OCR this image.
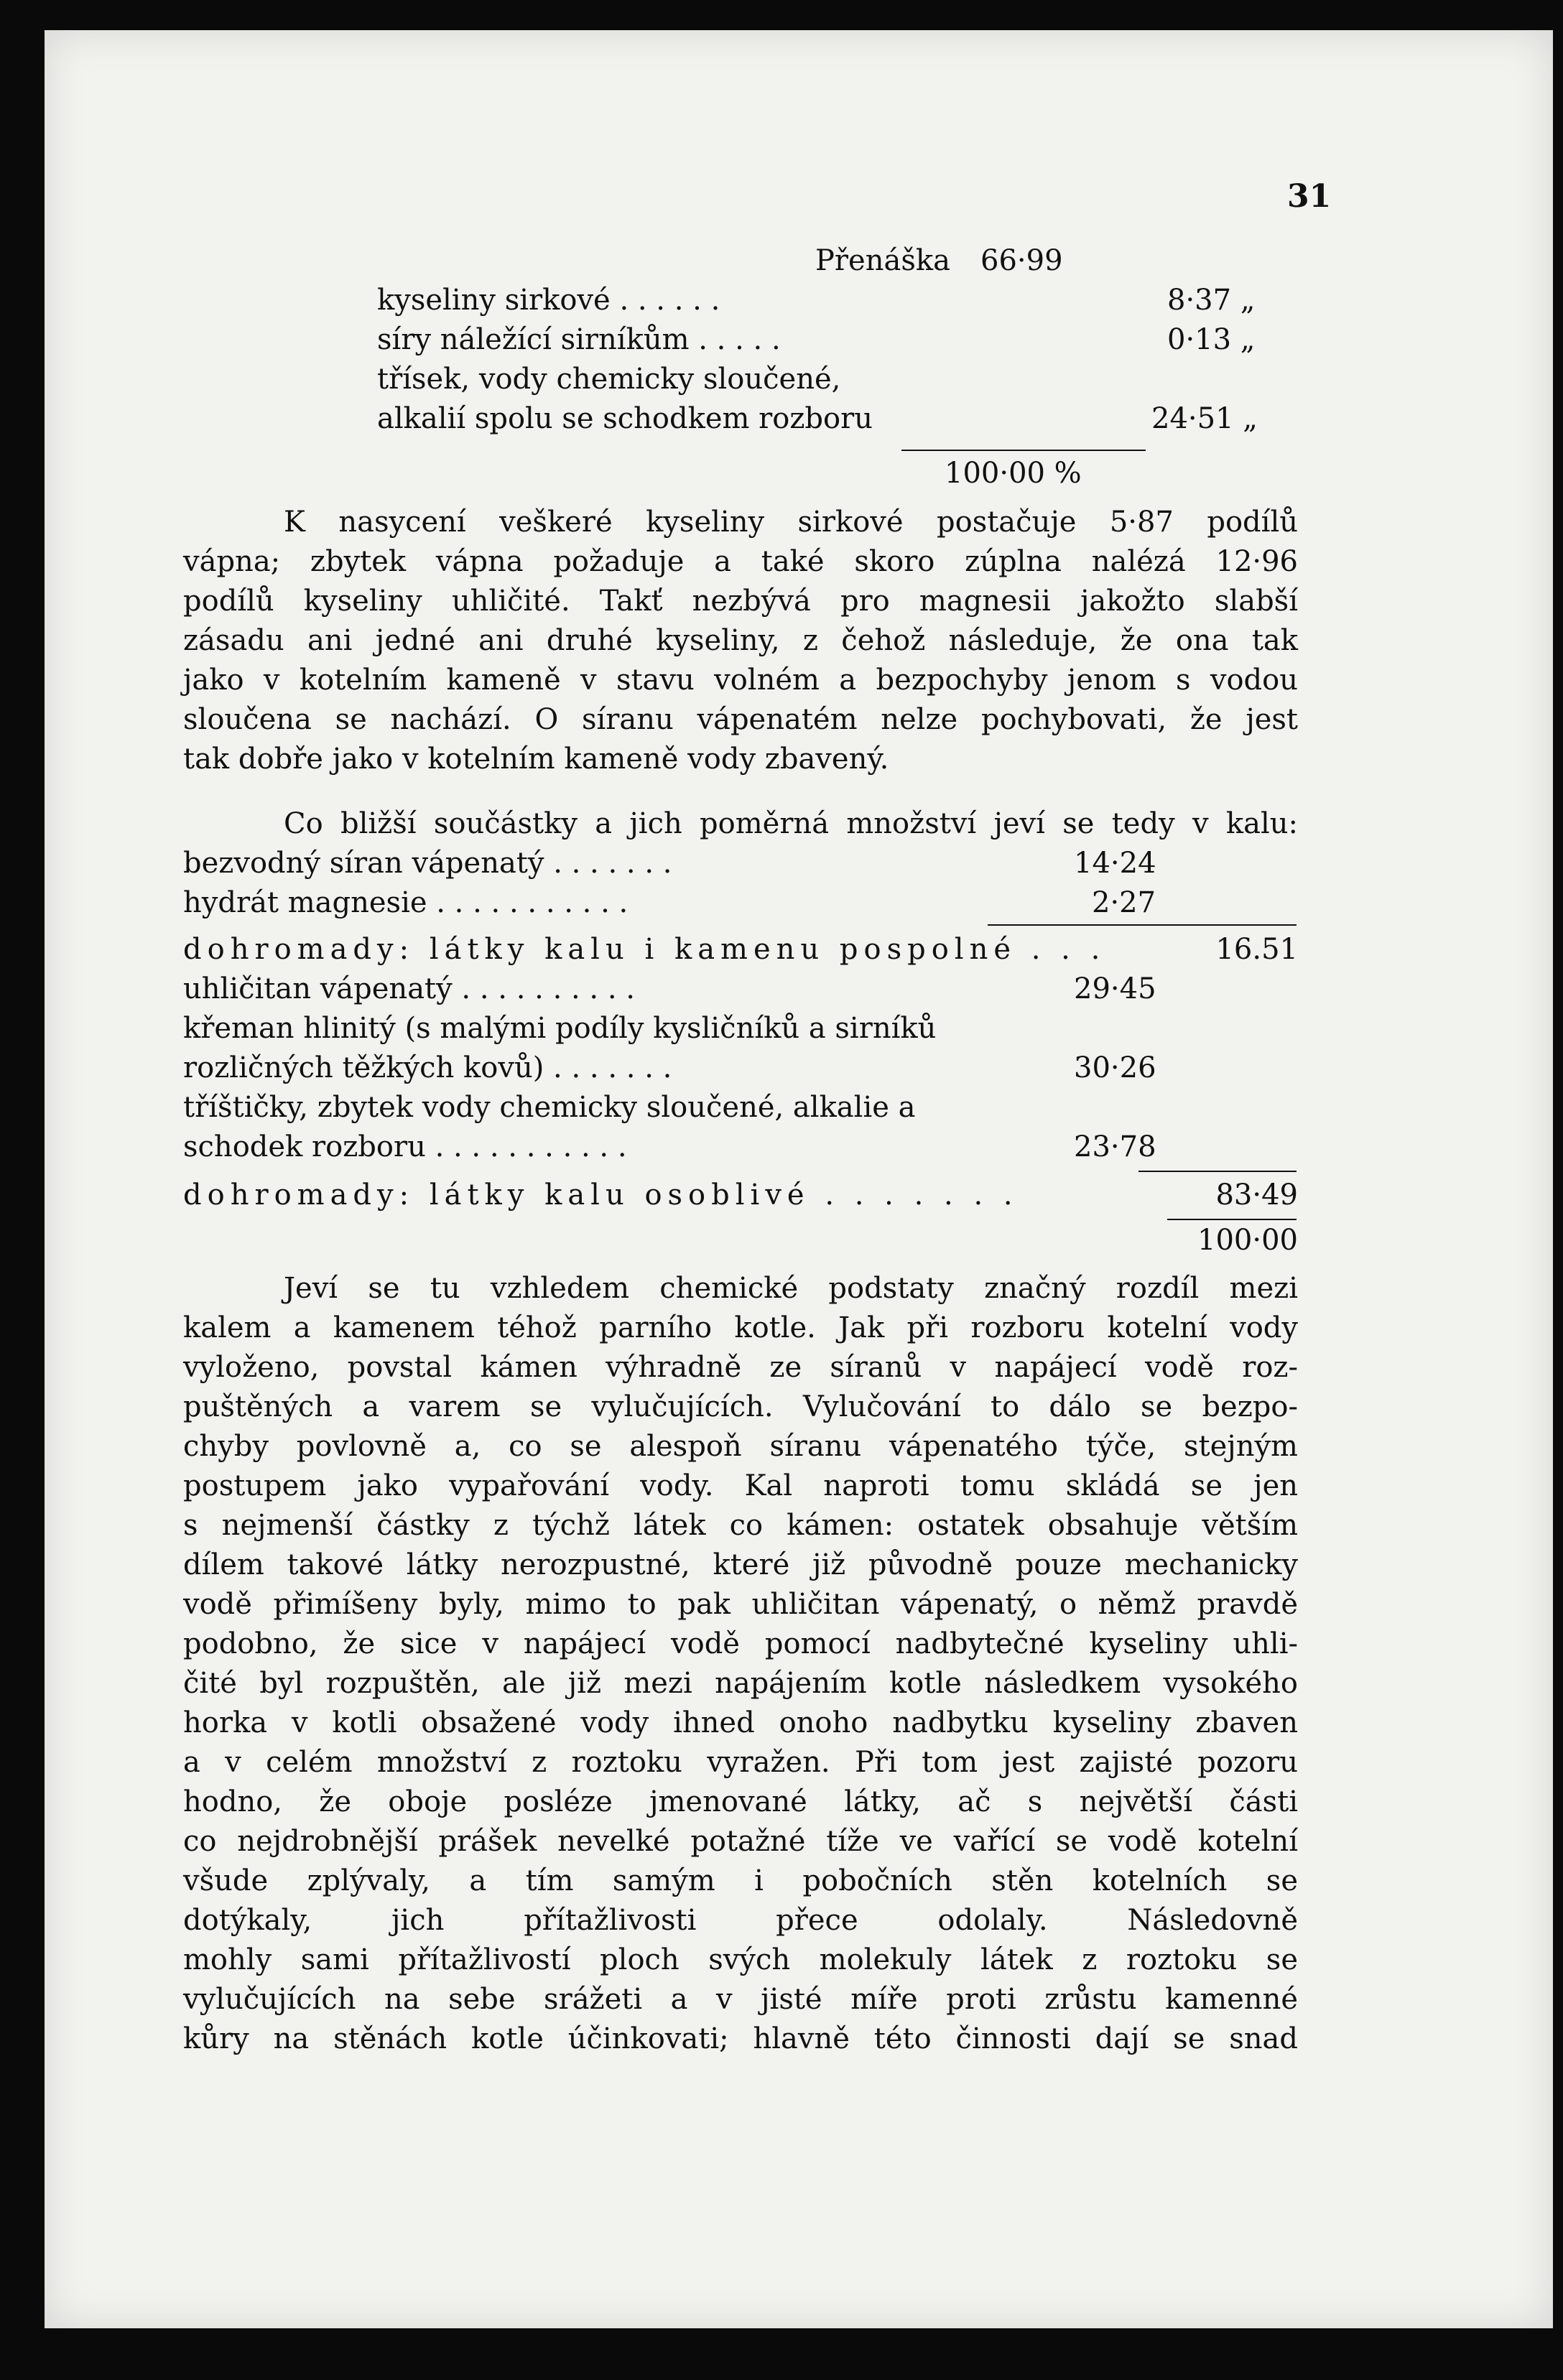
31
Přenáška 66·99
kyseliny sirkové . . . . . .	8·37 „
síry náležící sirníkům . . . . .	0·13 „
třísek, vody chemicky sloučené,
alkalií spolu se schodkem rozboru	24·51 „
100·00 %
K nasycení veškeré kyseliny sirkové postačuje 5·87 podílů
vápna; zbytek vápna požaduje a také skoro zúplna nalézá 12·96
podílů kyseliny uhličité. Takť nezbývá pro magnesii jakožto slabší
zásadu ani jedné ani druhé kyseliny, z čehož následuje, že ona tak
jako v kotelním kameně v stavu volném a bezpochyby jenom s vodou
sloučena se nachází. O síranu vápenatém nelze pochybovati, že jest
tak dobře jako v kotelním kameně vody zbavený.
Co bližší součástky a jich poměrná množství jeví se tedy v kalu:
bezvodný síran vápenatý . . . . . . .	14·24
hydrát magnesie . . . . . . . . . . .	2·27
dohromady: látky kalu i kamenu pospolné . . .	16.51
uhličitan vápenatý . . . . . . . . . .	29·45
křeman hlinitý (s malými podíly kysličníků a sirníků
rozličných těžkých kovů) . . . . . . .	30·26
tříštičky, zbytek vody chemicky sloučené, alkalie a
schodek rozboru . . . . . . . . . . .	23·78
dohromady: látky kalu osoblivé . . . . . . .	83·49
100·00
Jeví se tu vzhledem chemické podstaty značný rozdíl mezi
kalem a kamenem téhož parního kotle. Jak při rozboru kotelní vody
vyloženo, povstal kámen výhradně ze síranů v napájecí vodě roz-
puštěných a varem se vylučujících. Vylučování to dálo se bezpo-
chyby povlovně a, co se alespoň síranu vápenatého týče, stejným
postupem jako vypařování vody. Kal naproti tomu skládá se jen
s nejmenší částky z týchž látek co kámen: ostatek obsahuje větším
dílem takové látky nerozpustné, které již původně pouze mechanicky
vodě přimíšeny byly, mimo to pak uhličitan vápenatý, o němž pravdě
podobno, že sice v napájecí vodě pomocí nadbytečné kyseliny uhli-
čité byl rozpuštěn, ale již mezi napájením kotle následkem vysokého
horka v kotli obsažené vody ihned onoho nadbytku kyseliny zbaven
a v celém množství z roztoku vyražen. Při tom jest zajisté pozoru
hodno, že oboje posléze jmenované látky, ač s největší části
co nejdrobnější prášek nevelké potažné tíže ve vařící se vodě kotelní
všude zplývaly, a tím samým i pobočních stěn kotelních se
dotýkaly, jich přítažlivosti přece odolaly. Následovně
mohly sami přítažlivostí ploch svých molekuly látek z roztoku se
vylučujících na sebe srážeti a v jisté míře proti zrůstu kamenné
kůry na stěnách kotle účinkovati; hlavně této činnosti dají se snad
